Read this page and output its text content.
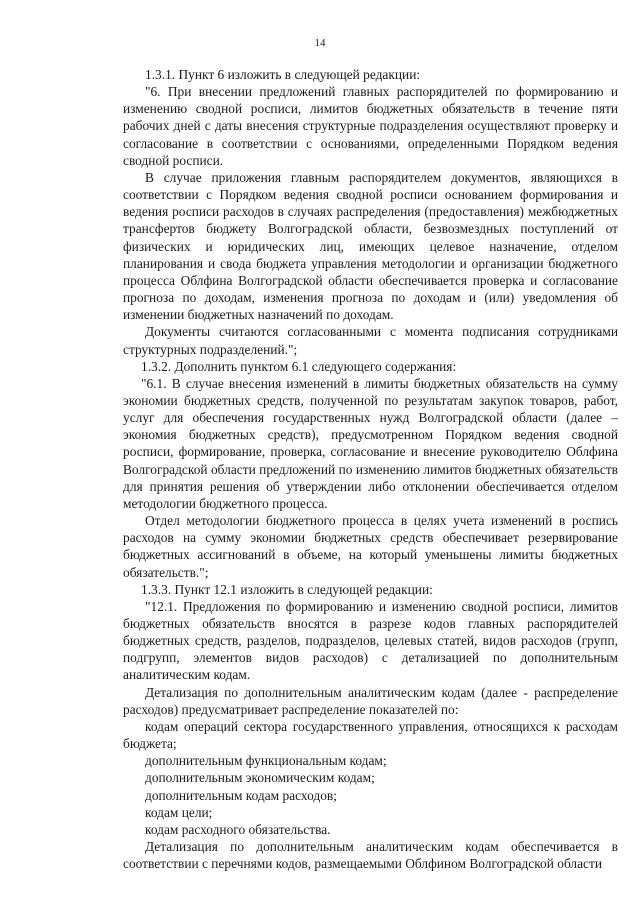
14

1.3.1. Пункт 6 изложить в следующей редакции:

"6. При внесении предложений главных распорядителей по формированию и изменению сводной росписи, лимитов бюджетных обязательств в течение пяти рабочих дней с даты внесения структурные подразделения осуществляют проверку и согласование в соответствии с основаниями, определенными Порядком ведения сводной росписи.

В случае приложения главным распорядителем документов, являющихся в соответствии с Порядком ведения сводной росписи основанием формирования и ведения росписи расходов в случаях распределения (предоставления) межбюджетных трансфертов бюджету Волгоградской области, безвозмездных поступлений от физических и юридических лиц, имеющих целевое назначение, отделом планирования и свода бюджета управления методологии и организации бюджетного процесса Облфина Волгоградской области обеспечивается проверка и согласование прогноза по доходам, изменения прогноза по доходам и (или) уведомления об изменении бюджетных назначений по доходам.

Документы считаются согласованными с момента подписания сотрудниками структурных подразделений.";

1.3.2. Дополнить пунктом 6.1 следующего содержания:

"6.1. В случае внесения изменений в лимиты бюджетных обязательств на сумму экономии бюджетных средств, полученной по результатам закупок товаров, работ, услуг для обеспечения государственных нужд Волгоградской области (далее – экономия бюджетных средств), предусмотренном Порядком ведения сводной росписи, формирование, проверка, согласование и внесение руководителю Облфина Волгоградской области предложений по изменению лимитов бюджетных обязательств для принятия решения об утверждении либо отклонении обеспечивается отделом методологии бюджетного процесса.

Отдел методологии бюджетного процесса в целях учета изменений в роспись расходов на сумму экономии бюджетных средств обеспечивает резервирование бюджетных ассигнований в объеме, на который уменьшены лимиты бюджетных обязательств.";

1.3.3. Пункт 12.1 изложить в следующей редакции:

"12.1. Предложения по формированию и изменению сводной росписи, лимитов бюджетных обязательств вносятся в разрезе кодов главных распорядителей бюджетных средств, разделов, подразделов, целевых статей, видов расходов (групп, подгрупп, элементов видов расходов) с детализацией по дополнительным аналитическим кодам.

Детализация по дополнительным аналитическим кодам (далее - распределение расходов) предусматривает распределение показателей по:

кодам операций сектора государственного управления, относящихся к расходам бюджета;

дополнительным функциональным кодам;

дополнительным экономическим кодам;

дополнительным кодам расходов;

кодам цели;

кодам расходного обязательства.

Детализация по дополнительным аналитическим кодам обеспечивается в соответствии с перечнями кодов, размещаемыми Облфином Волгоградской области
